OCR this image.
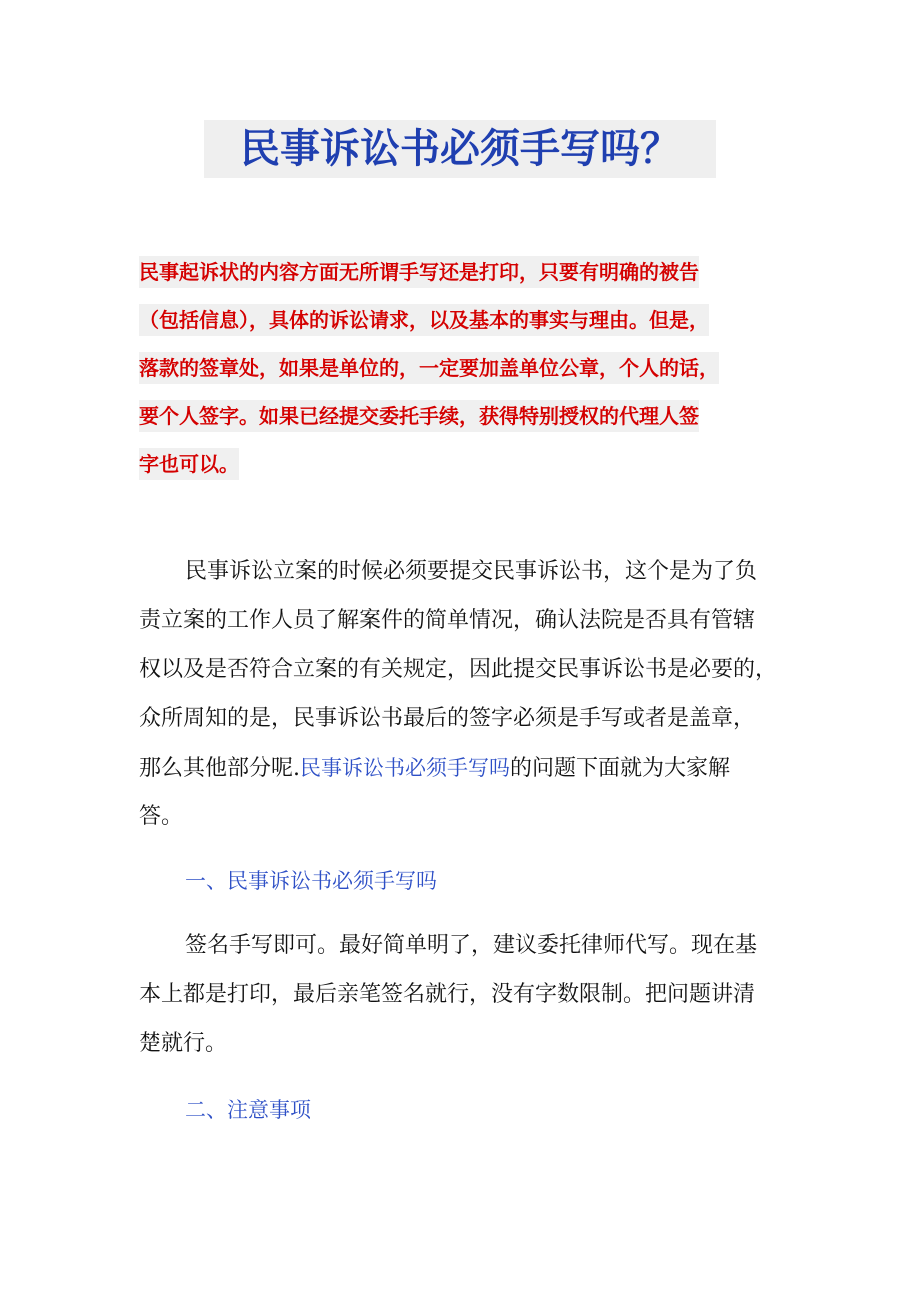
民事诉讼书必须手写吗？
民事起诉状的内容方面无所谓手写还是打印，只要有明确的被告
（包括信息），具体的诉讼请求，以及基本的事实与理由。但是，
落款的签章处，如果是单位的，一定要加盖单位公章，个人的话，
要个人签字。如果已经提交委托手续，获得特别授权的代理人签
字也可以。
民事诉讼立案的时候必须要提交民事诉讼书，这个是为了负
责立案的工作人员了解案件的简单情况，确认法院是否具有管辖
权以及是否符合立案的有关规定，因此提交民事诉讼书是必要的，
众所周知的是，民事诉讼书最后的签字必须是手写或者是盖章，
那么其他部分呢.民事诉讼书必须手写吗的问题下面就为大家解
答。
一、民事诉讼书必须手写吗
签名手写即可。最好简单明了，建议委托律师代写。现在基
本上都是打印，最后亲笔签名就行，没有字数限制。把问题讲清
楚就行。
二、注意事项
